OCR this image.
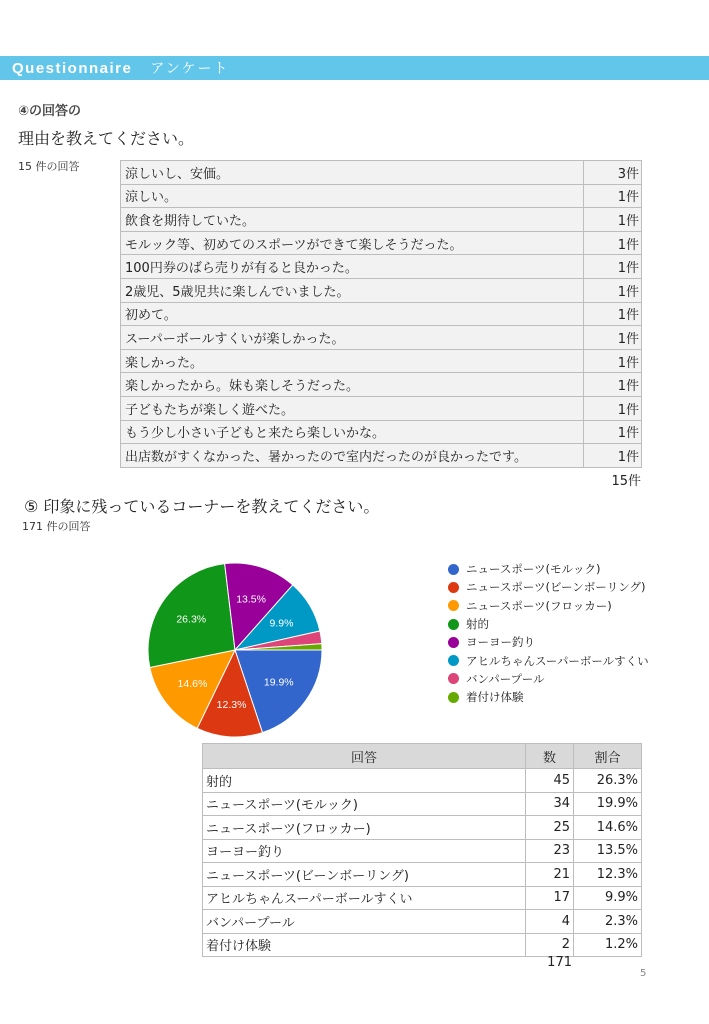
Questionnaire アンケート
④の回答の
理由を教えてください。
15 件の回答
涼しいし、安価。	3件
涼しい。	1件
飲食を期待していた。	1件
モルック等、初めてのスポーツができて楽しそうだった。	1件
100円券のばら売りが有ると良かった。	1件
2歳児、5歳児共に楽しんでいました。	1件
初めて。	1件
スーパーボールすくいが楽しかった。	1件
楽しかった。	1件
楽しかったから。妹も楽しそうだった。	1件
子どもたちが楽しく遊べた。	1件
もう少し小さい子どもと来たら楽しいかな。	1件
出店数がすくなかった、暑かったので室内だったのが良かったです。	1件
15件
⑤ 印象に残っているコーナーを教えてください。
171 件の回答
19.9%
12.3%
14.6%
26.3%
13.5%
9.9%
ニュースポーツ(モルック)
ニュースポーツ(ビーンボーリング)
ニュースポーツ(フロッカー)
射的
ヨーヨー釣り
アヒルちゃんスーパーボールすくい
バンパープール
着付け体験
回答	数	割合
射的	45	26.3%
ニュースポーツ(モルック)	34	19.9%
ニュースポーツ(フロッカー)	25	14.6%
ヨーヨー釣り	23	13.5%
ニュースポーツ(ビーンボーリング)	21	12.3%
アヒルちゃんスーパーボールすくい	17	9.9%
バンパープール	4	2.3%
着付け体験	2	1.2%
171
5
